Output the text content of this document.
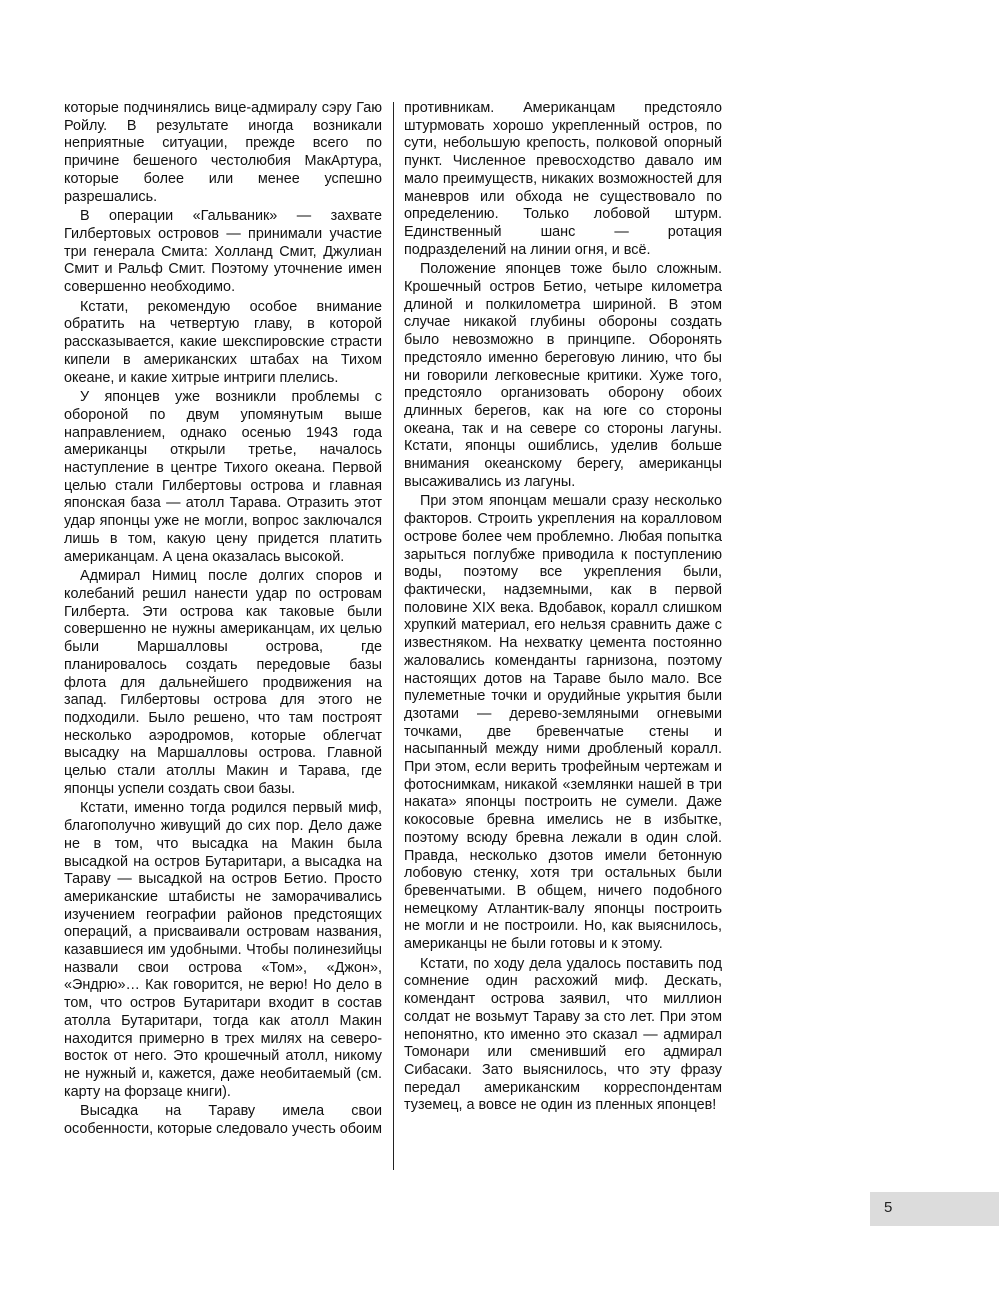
которые подчинялись вице-адмиралу сэру Гаю Ройлу. В результате иногда возникали неприятные ситуации, прежде всего по причине бешеного честолюбия МакАртура, которые более или менее успешно разрешались.

В операции «Гальваник» — захвате Гилбертовых островов — принимали участие три генерала Смита: Холланд Смит, Джулиан Смит и Ральф Смит. Поэтому уточнение имен совершенно необходимо.

Кстати, рекомендую особое внимание обратить на четвертую главу, в которой рассказывается, какие шекспировские страсти кипели в американских штабах на Тихом океане, и какие хитрые интриги плелись.

У японцев уже возникли проблемы с обороной по двум упомянутым выше направлением, однако осенью 1943 года американцы открыли третье, началось наступление в центре Тихого океана. Первой целью стали Гилбертовы острова и главная японская база — атолл Тарава. Отразить этот удар японцы уже не могли, вопрос заключался лишь в том, какую цену придется платить американцам. А цена оказалась высокой.

Адмирал Нимиц после долгих споров и колебаний решил нанести удар по островам Гилберта. Эти острова как таковые были совершенно не нужны американцам, их целью были Маршалловы острова, где планировалось создать передовые базы флота для дальнейшего продвижения на запад. Гилбертовы острова для этого не подходили. Было решено, что там построят несколько аэродромов, которые облегчат высадку на Маршалловы острова. Главной целью стали атоллы Макин и Тарава, где японцы успели создать свои базы.

Кстати, именно тогда родился первый миф, благополучно живущий до сих пор. Дело даже не в том, что высадка на Макин была высадкой на остров Бутаритари, а высадка на Тараву — высадкой на остров Бетио. Просто американские штабисты не заморачивались изучением географии районов предстоящих операций, а присваивали островам названия, казавшиеся им удобными. Чтобы полинезийцы назвали свои острова «Том», «Джон», «Эндрю»… Как говорится, не верю! Но дело в том, что остров Бутаритари входит в состав атолла Бутаритари, тогда как атолл Макин находится примерно в трех милях на северо-восток от него. Это крошечный атолл, никому не нужный и, кажется, даже необитаемый (см. карту на форзаце книги).

Высадка на Тараву имела свои особенности, которые следовало учесть обоим

противникам. Американцам предстояло штурмовать хорошо укрепленный остров, по сути, небольшую крепость, полковой опорный пункт. Численное превосходство давало им мало преимуществ, никаких возможностей для маневров или обхода не существовало по определению. Только лобовой штурм. Единственный шанс — ротация подразделений на линии огня, и всё.

Положение японцев тоже было сложным. Крошечный остров Бетио, четыре километра длиной и полкилометра шириной. В этом случае никакой глубины обороны создать было невозможно в принципе. Оборонять предстояло именно береговую линию, что бы ни говорили легковесные критики. Хуже того, предстояло организовать оборону обоих длинных берегов, как на юге со стороны океана, так и на севере со стороны лагуны. Кстати, японцы ошиблись, уделив больше внимания океанскому берегу, американцы высаживались из лагуны.

При этом японцам мешали сразу несколько факторов. Строить укрепления на коралловом острове более чем проблемно. Любая попытка зарыться поглубже приводила к поступлению воды, поэтому все укрепления были, фактически, надземными, как в первой половине XIX века. Вдобавок, коралл слишком хрупкий материал, его нельзя сравнить даже с известняком. На нехватку цемента постоянно жаловались коменданты гарнизона, поэтому настоящих дотов на Тараве было мало. Все пулеметные точки и орудийные укрытия были дзотами — дерево-земляными огневыми точками, две бревенчатые стены и насыпанный между ними дробленый коралл. При этом, если верить трофейным чертежам и фотоснимкам, никакой «землянки нашей в три наката» японцы построить не сумели. Даже кокосовые бревна имелись не в избытке, поэтому всюду бревна лежали в один слой. Правда, несколько дзотов имели бетонную лобовую стенку, хотя три остальных были бревенчатыми. В общем, ничего подобного немецкому Атлантик-валу японцы построить не могли и не построили. Но, как выяснилось, американцы не были готовы и к этому.

Кстати, по ходу дела удалось поставить под сомнение один расхожий миф. Дескать, комендант острова заявил, что миллион солдат не возьмут Тараву за сто лет. При этом непонятно, кто именно это сказал — адмирал Томонари или сменивший его адмирал Сибасаки. Зато выяснилось, что эту фразу передал американским корреспондентам туземец, а вовсе не один из пленных японцев!

5
